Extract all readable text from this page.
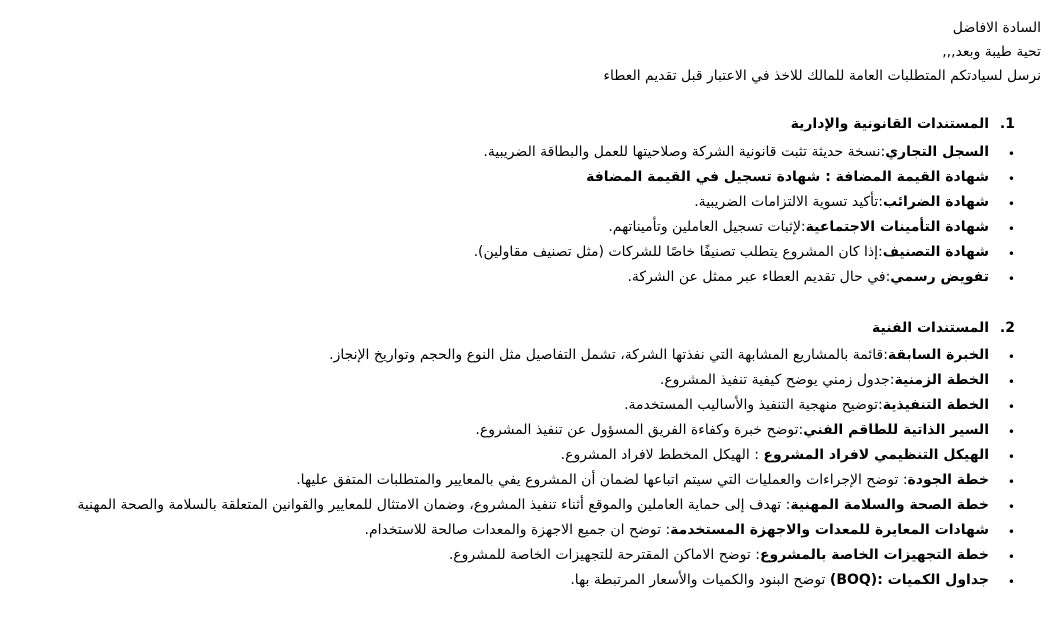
السادة الافاضل
تحية طيبة وبعد,,,
نرسل لسيادتكم المتطلبات العامة للمالك للاخذ في الاعتبار قبل تقديم العطاء
1. المستندات القانونية والإدارية
•
السجل التجاري:نسخة حديثة تثبت قانونية الشركة وصلاحيتها للعمل والبطاقة الضريبية.
•
شهادة القيمة المضافة : شهادة تسجيل في القيمة المضافة
•
شهادة الضرائب:تأكيد تسوية الالتزامات الضريبية.
•
شهادة التأمينات الاجتماعية:لإثبات تسجيل العاملين وتأميناتهم.
•
شهادة التصنيف:إذا كان المشروع يتطلب تصنيفًا خاصًا للشركات (مثل تصنيف مقاولين).
•
تفويض رسمي:في حال تقديم العطاء عبر ممثل عن الشركة.
2. المستندات الفنية
•
الخبرة السابقة:قائمة بالمشاريع المشابهة التي نفذتها الشركة، تشمل التفاصيل مثل النوع والحجم وتواريخ الإنجاز.
•
الخطة الزمنية:جدول زمني يوضح كيفية تنفيذ المشروع.
•
الخطة التنفيذية:توضيح منهجية التنفيذ والأساليب المستخدمة.
•
السير الذاتية للطاقم الفني:توضح خبرة وكفاءة الفريق المسؤول عن تنفيذ المشروع.
•
الهيكل التنظيمي لافراد المشروع : الهيكل المخطط لافراد المشروع.
•
خطة الجودة: توضح الإجراءات والعمليات التي سيتم اتباعها لضمان أن المشروع يفي بالمعايير والمتطلبات المتفق عليها.
•
خطة الصحة والسلامة المهنية: تهدف إلى حماية العاملين والموقع أثناء تنفيذ المشروع، وضمان الامتثال للمعايير والقوانين المتعلقة بالسلامة والصحة المهنية
•
شهادات المعايرة للمعدات والاجهزة المستخدمة: توضح ان جميع الاجهزة والمعدات صالحة للاستخدام.
•
خطة التجهيزات الخاصة بالمشروع: توضح الاماكن المقترحة للتجهيزات الخاصة للمشروع.
•
جداول الكميات :(BOQ) توضح البنود والكميات والأسعار المرتبطة بها.
